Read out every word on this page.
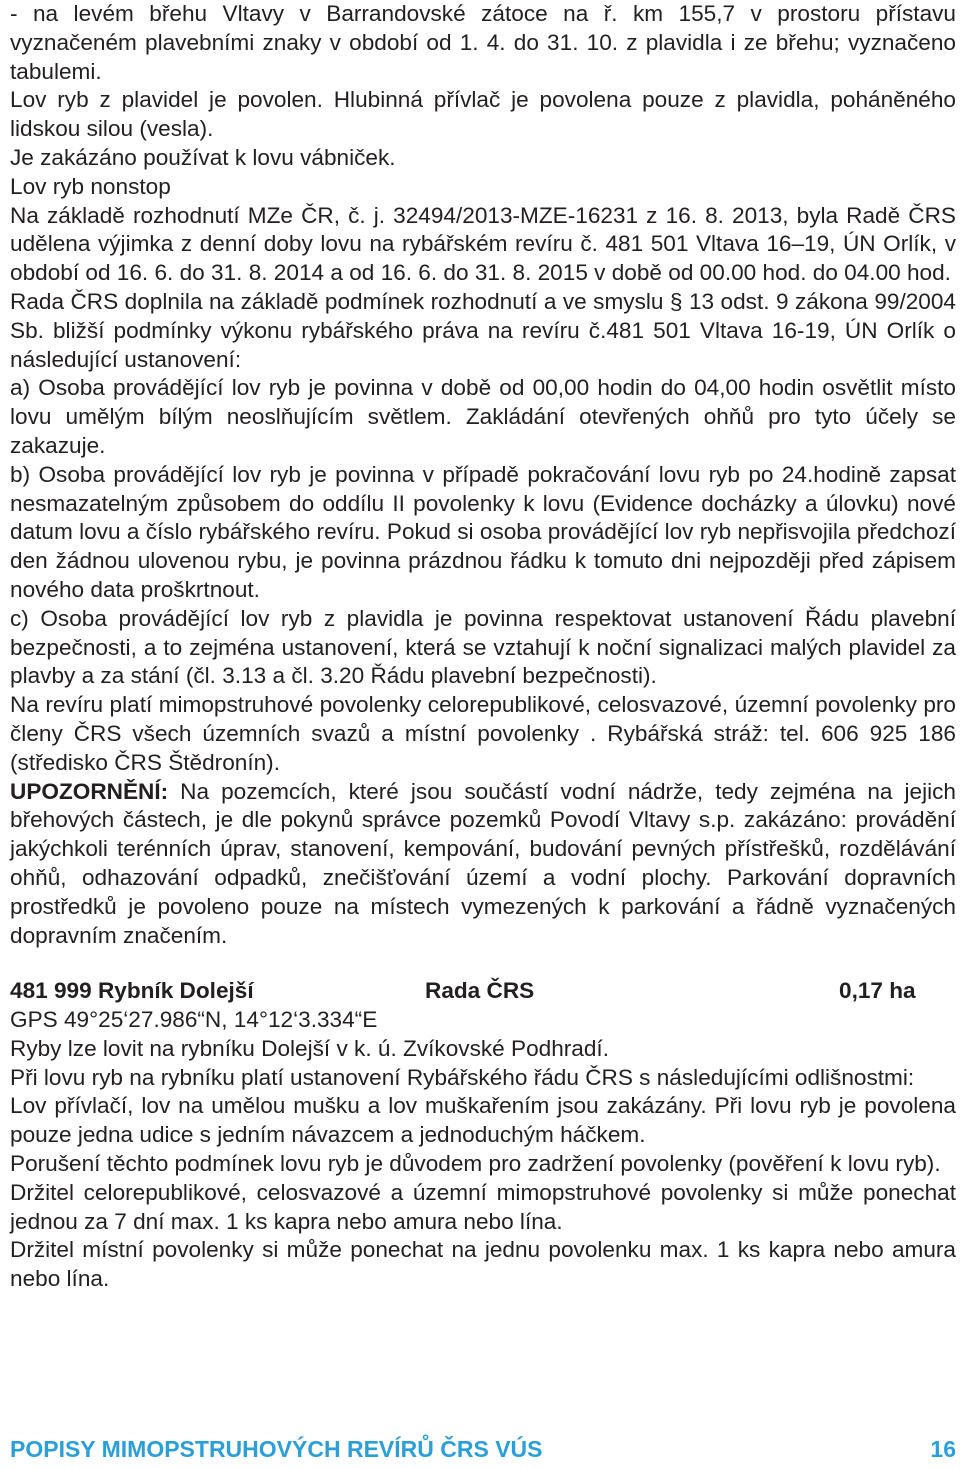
- na levém břehu Vltavy v Barrandovské zátoce na ř. km 155,7 v prostoru přístavu vyznačeném plavebními znaky v období od 1. 4. do 31. 10. z plavidla i ze břehu; vyznačeno tabulemi.

Lov ryb z plavidel je povolen. Hlubinná přívlač je povolena pouze z plavidla, poháněného lidskou silou (vesla).

Je zakázáno používat k lovu vábniček.

Lov ryb nonstop

Na základě rozhodnutí MZe ČR, č. j. 32494/2013-MZE-16231 z 16. 8. 2013, byla Radě ČRS udělena výjimka z denní doby lovu na rybářském revíru č. 481 501 Vltava 16–19, ÚN Orlík, v období od 16. 6. do 31. 8. 2014 a od 16. 6. do 31. 8. 2015 v době od 00.00 hod. do 04.00 hod.

Rada ČRS doplnila na základě podmínek rozhodnutí a ve smyslu § 13 odst. 9 zákona 99/2004 Sb. bližší podmínky výkonu rybářského práva na revíru č.481 501 Vltava 16-19, ÚN Orlík o následující ustanovení:

a) Osoba provádějící lov ryb je povinna v době od 00,00 hodin do 04,00 hodin osvětlit místo lovu umělým bílým neoslňujícím světlem. Zakládání otevřených ohňů pro tyto účely se zakazuje.

b) Osoba provádějící lov ryb je povinna v případě pokračování lovu ryb po 24.hodině zapsat nesmazatelným způsobem do oddílu II povolenky k lovu (Evidence docházky a úlovku) nové datum lovu a číslo rybářského revíru. Pokud si osoba provádějící lov ryb nepřisvojila předchozí den žádnou ulovenou rybu, je povinna prázdnou řádku k tomuto dni nejpozději před zápisem nového data proškrtnout.

c) Osoba provádějící lov ryb z plavidla je povinna respektovat ustanovení Řádu plavební bezpečnosti, a to zejména ustanovení, která se vztahují k noční signalizaci malých plavidel za plavby a za stání (čl. 3.13 a čl. 3.20 Řádu plavební bezpečnosti).

Na revíru platí mimopstruhové povolenky celorepublikové, celosvazové, územní povolenky pro členy ČRS všech územních svazů a místní povolenky . Rybářská stráž: tel. 606 925 186 (středisko ČRS Štědronín).

UPOZORNĚNÍ: Na pozemcích, které jsou součástí vodní nádrže, tedy zejména na jejich břehových částech, je dle pokynů správce pozemků Povodí Vltavy s.p. zakázáno: provádění jakýchkoli terénních úprav, stanovení, kempování, budování pevných přístřešků, rozdělávání ohňů, odhazování odpadků, znečišťování území a vodní plochy. Parkování dopravních prostředků je povoleno pouze na místech vymezených k parkování a řádně vyznačených dopravním značením.

481 999 Rybník Dolejší	Rada ČRS	0,17 ha

GPS 49°25‘27.986“N, 14°12‘3.334“E

Ryby lze lovit na rybníku Dolejší v k. ú. Zvíkovské Podhradí.

Při lovu ryb na rybníku platí ustanovení Rybářského řádu ČRS s následujícími odlišnostmi:

Lov přívlačí, lov na umělou mušku a lov muškařením jsou zakázány. Při lovu ryb je povolena pouze jedna udice s jedním návazcem a jednoduchým háčkem.

Porušení těchto podmínek lovu ryb je důvodem pro zadržení povolenky (pověření k lovu ryb).

Držitel celorepublikové, celosvazové a územní mimopstruhové povolenky si může ponechat jednou za 7 dní max. 1 ks kapra nebo amura nebo lína.

Držitel místní povolenky si může ponechat na jednu povolenku max. 1 ks kapra nebo amura nebo lína.

POPISY MIMOPSTRUHOVÝCH REVÍRŮ ČRS VÚS	16
